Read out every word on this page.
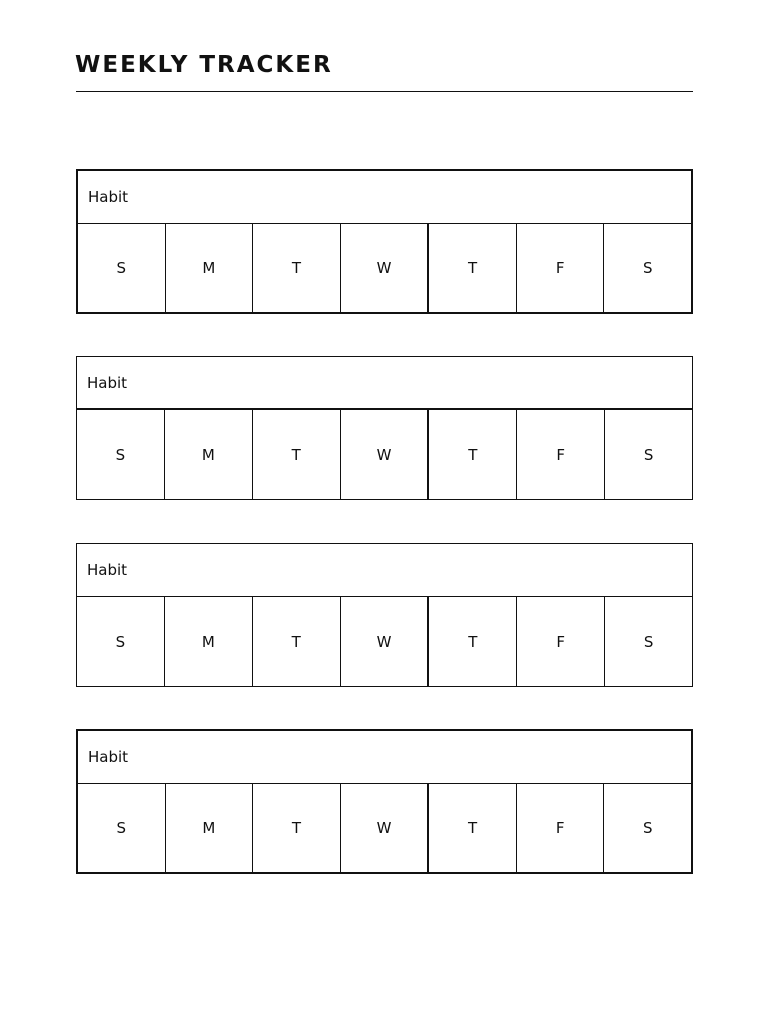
WEEKLY TRACKER
Habit
S	M	T	W	T	F	S
Habit
S	M	T	W	T	F	S
Habit
S	M	T	W	T	F	S
Habit
S	M	T	W	T	F	S
